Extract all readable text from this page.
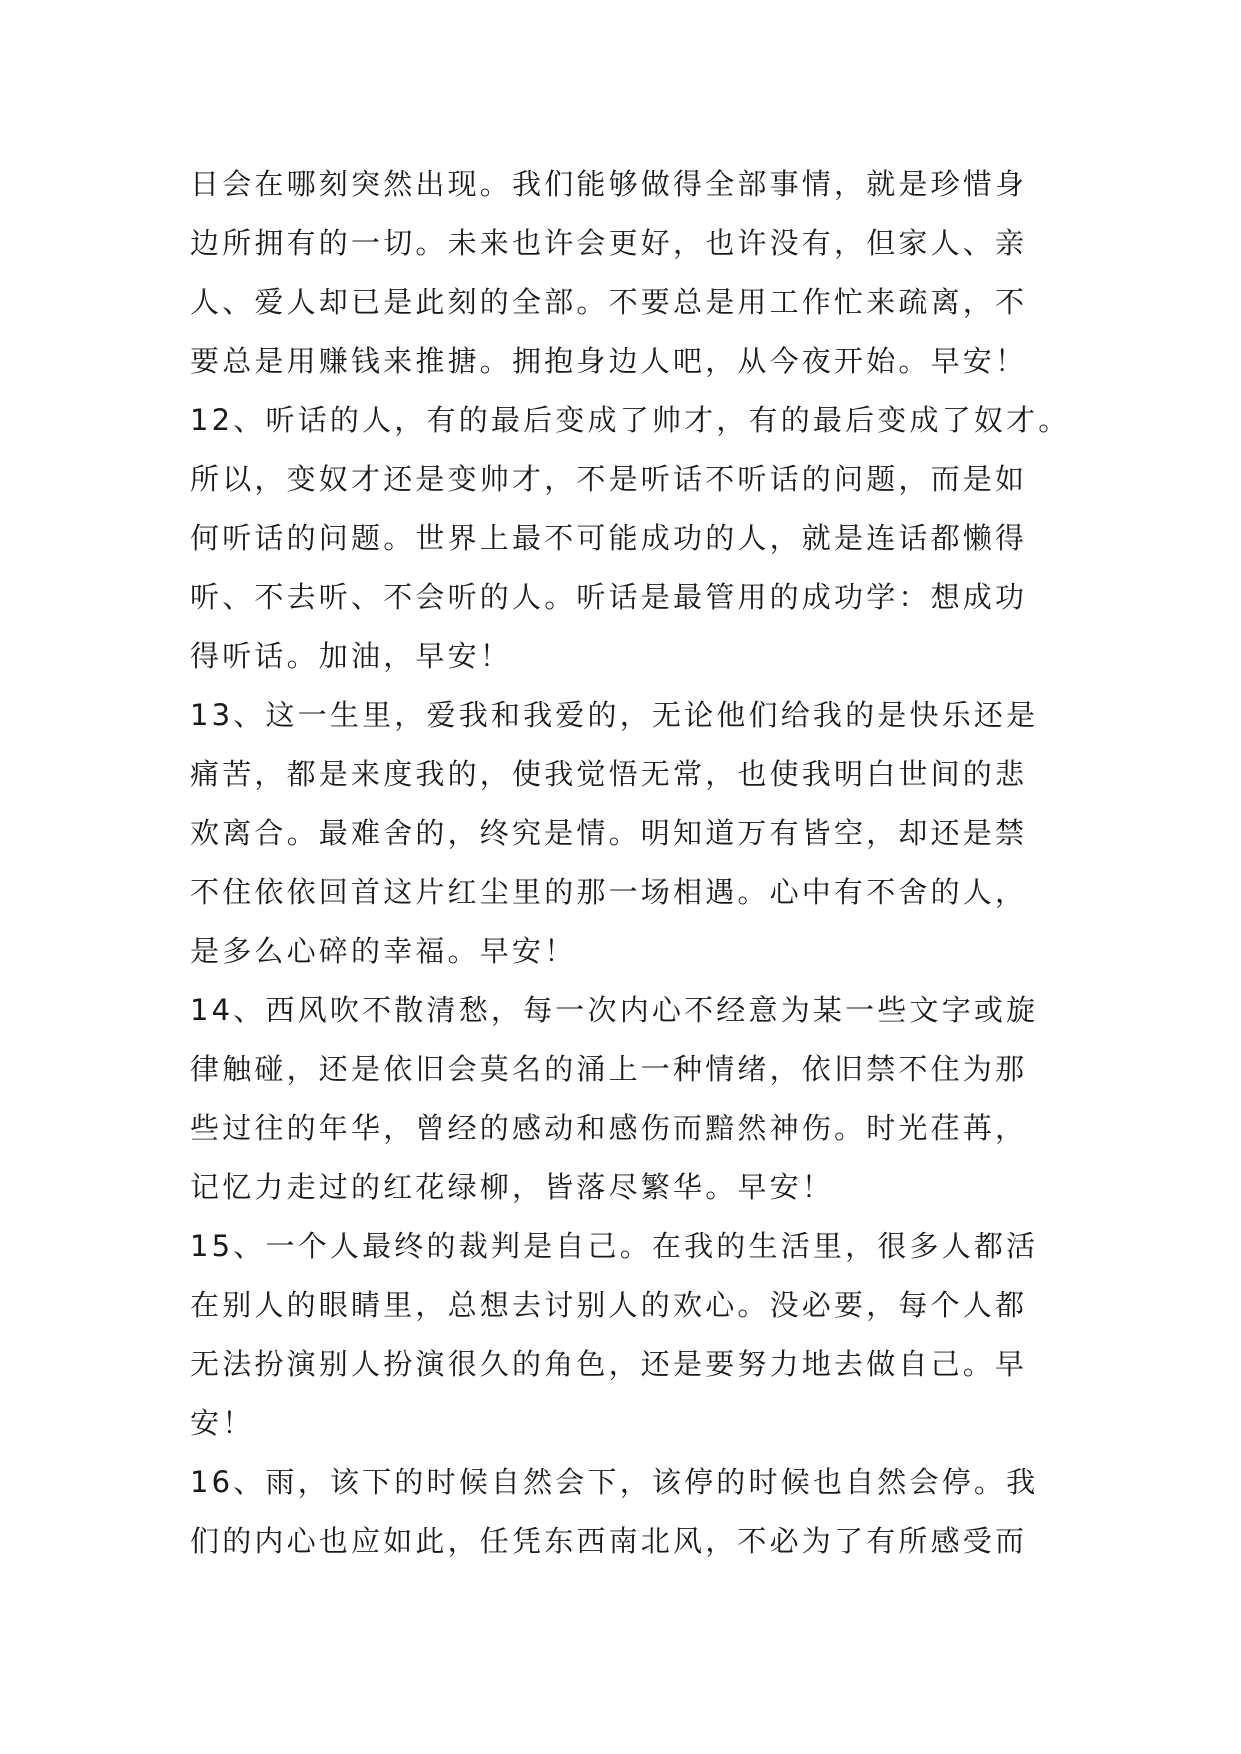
日会在哪刻突然出现。我们能够做得全部事情，就是珍惜身
边所拥有的一切。未来也许会更好，也许没有，但家人、亲
人、爱人却已是此刻的全部。不要总是用工作忙来疏离，不
要总是用赚钱来推搪。拥抱身边人吧，从今夜开始。早安！
12、听话的人，有的最后变成了帅才，有的最后变成了奴才。
所以，变奴才还是变帅才，不是听话不听话的问题，而是如
何听话的问题。世界上最不可能成功的人，就是连话都懒得
听、不去听、不会听的人。听话是最管用的成功学：想成功
得听话。加油，早安！
13、这一生里，爱我和我爱的，无论他们给我的是快乐还是
痛苦，都是来度我的，使我觉悟无常，也使我明白世间的悲
欢离合。最难舍的，终究是情。明知道万有皆空，却还是禁
不住依依回首这片红尘里的那一场相遇。心中有不舍的人，
是多么心碎的幸福。早安！
14、西风吹不散清愁，每一次内心不经意为某一些文字或旋
律触碰，还是依旧会莫名的涌上一种情绪，依旧禁不住为那
些过往的年华，曾经的感动和感伤而黯然神伤。时光荏苒，
记忆力走过的红花绿柳，皆落尽繁华。早安！
15、一个人最终的裁判是自己。在我的生活里，很多人都活
在别人的眼睛里，总想去讨别人的欢心。没必要，每个人都
无法扮演别人扮演很久的角色，还是要努力地去做自己。早
安！
16、雨，该下的时候自然会下，该停的时候也自然会停。我
们的内心也应如此，任凭东西南北风，不必为了有所感受而
